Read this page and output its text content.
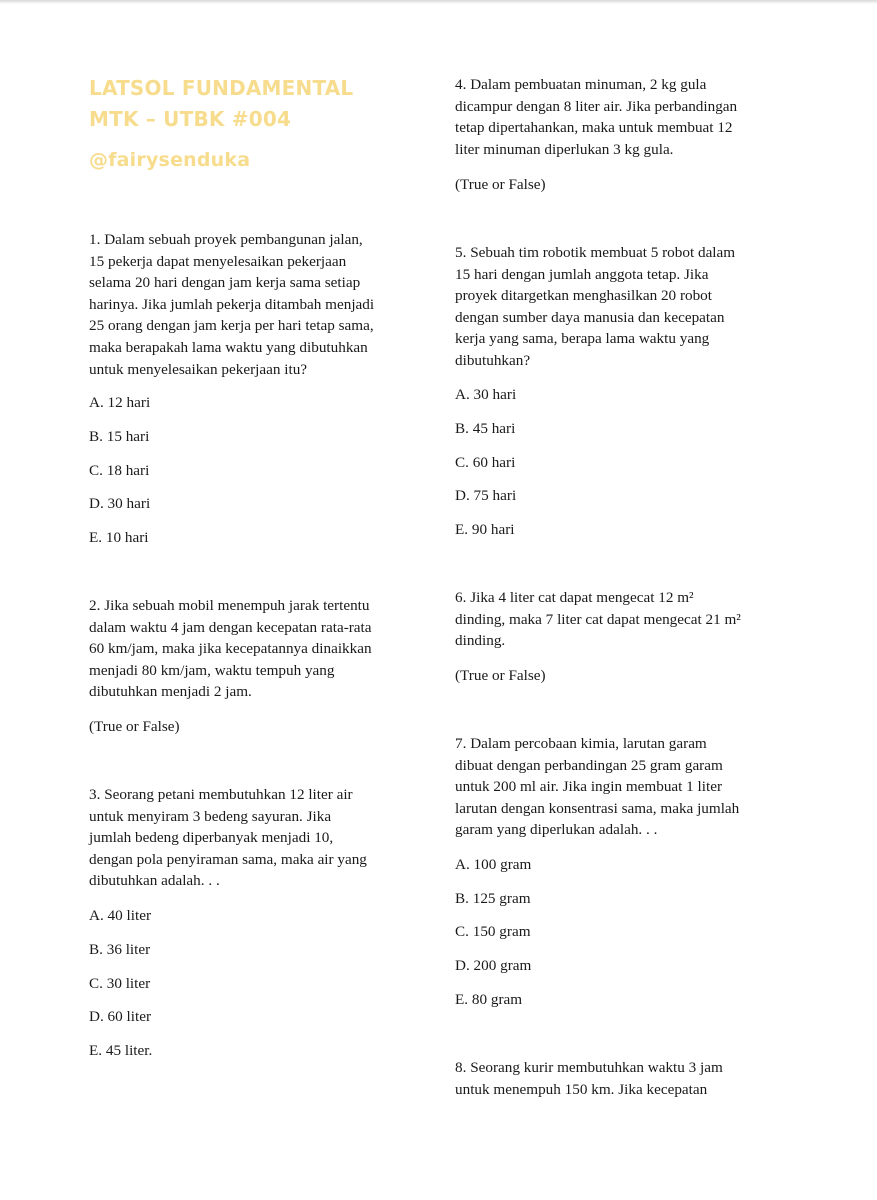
LATSOL FUNDAMENTAL
MTK – UTBK #004
@fairysenduka
1. Dalam sebuah proyek pembangunan jalan,
15 pekerja dapat menyelesaikan pekerjaan
selama 20 hari dengan jam kerja sama setiap
harinya. Jika jumlah pekerja ditambah menjadi
25 orang dengan jam kerja per hari tetap sama,
maka berapakah lama waktu yang dibutuhkan
untuk menyelesaikan pekerjaan itu?
A. 12 hari
B. 15 hari
C. 18 hari
D. 30 hari
E. 10 hari
2. Jika sebuah mobil menempuh jarak tertentu
dalam waktu 4 jam dengan kecepatan rata-rata
60 km/jam, maka jika kecepatannya dinaikkan
menjadi 80 km/jam, waktu tempuh yang
dibutuhkan menjadi 2 jam.
(True or False)
3. Seorang petani membutuhkan 12 liter air
untuk menyiram 3 bedeng sayuran. Jika
jumlah bedeng diperbanyak menjadi 10,
dengan pola penyiraman sama, maka air yang
dibutuhkan adalah. . .
A. 40 liter
B. 36 liter
C. 30 liter
D. 60 liter
E. 45 liter.
4. Dalam pembuatan minuman, 2 kg gula
dicampur dengan 8 liter air. Jika perbandingan
tetap dipertahankan, maka untuk membuat 12
liter minuman diperlukan 3 kg gula.
(True or False)
5. Sebuah tim robotik membuat 5 robot dalam
15 hari dengan jumlah anggota tetap. Jika
proyek ditargetkan menghasilkan 20 robot
dengan sumber daya manusia dan kecepatan
kerja yang sama, berapa lama waktu yang
dibutuhkan?
A. 30 hari
B. 45 hari
C. 60 hari
D. 75 hari
E. 90 hari
6. Jika 4 liter cat dapat mengecat 12 m²
dinding, maka 7 liter cat dapat mengecat 21 m²
dinding.
(True or False)
7. Dalam percobaan kimia, larutan garam
dibuat dengan perbandingan 25 gram garam
untuk 200 ml air. Jika ingin membuat 1 liter
larutan dengan konsentrasi sama, maka jumlah
garam yang diperlukan adalah. . .
A. 100 gram
B. 125 gram
C. 150 gram
D. 200 gram
E. 80 gram
8. Seorang kurir membutuhkan waktu 3 jam
untuk menempuh 150 km. Jika kecepatan
